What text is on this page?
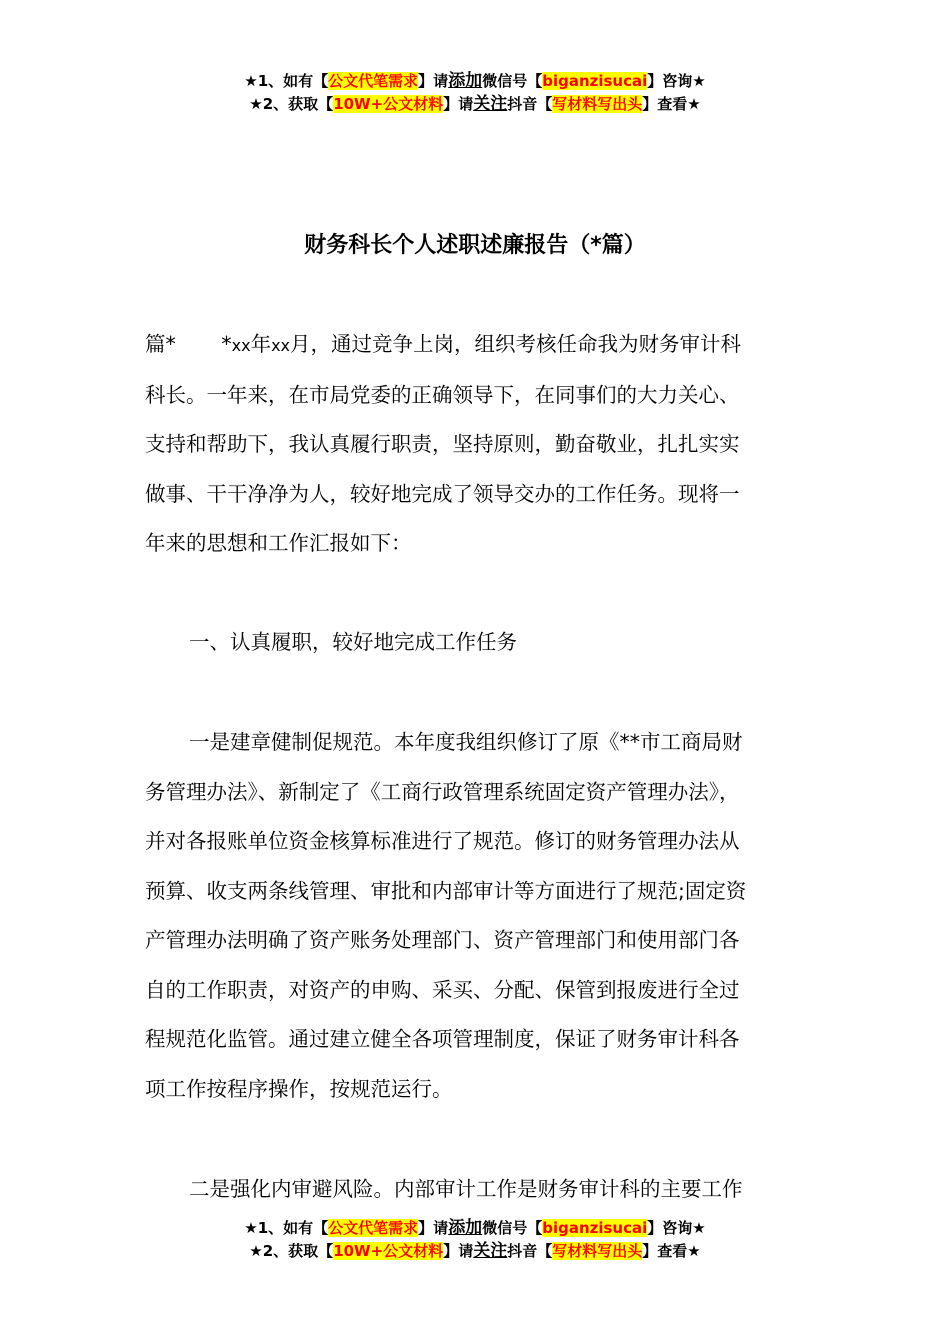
★1、如有【公文代笔需求】请添加微信号【biganzisucai】咨询★
★2、获取【10W+公文材料】请关注抖音【写材料写出头】查看★
财务科长个人述职述廉报告（*篇）
篇*       *xx年xx月，通过竞争上岗，组织考核任命我为财务审计科
科长。一年来，在市局党委的正确领导下，在同事们的大力关心、
支持和帮助下，我认真履行职责，坚持原则，勤奋敬业，扎扎实实
做事、干干净净为人，较好地完成了领导交办的工作任务。现将一
年来的思想和工作汇报如下：
一、认真履职，较好地完成工作任务
一是建章健制促规范。本年度我组织修订了原《**市工商局财
务管理办法》、新制定了《工商行政管理系统固定资产管理办法》，
并对各报账单位资金核算标准进行了规范。修订的财务管理办法从
预算、收支两条线管理、审批和内部审计等方面进行了规范;固定资
产管理办法明确了资产账务处理部门、资产管理部门和使用部门各
自的工作职责，对资产的申购、采买、分配、保管到报废进行全过
程规范化监管。通过建立健全各项管理制度，保证了财务审计科各
项工作按程序操作，按规范运行。
二是强化内审避风险。内部审计工作是财务审计科的主要工作
★1、如有【公文代笔需求】请添加微信号【biganzisucai】咨询★
★2、获取【10W+公文材料】请关注抖音【写材料写出头】查看★
